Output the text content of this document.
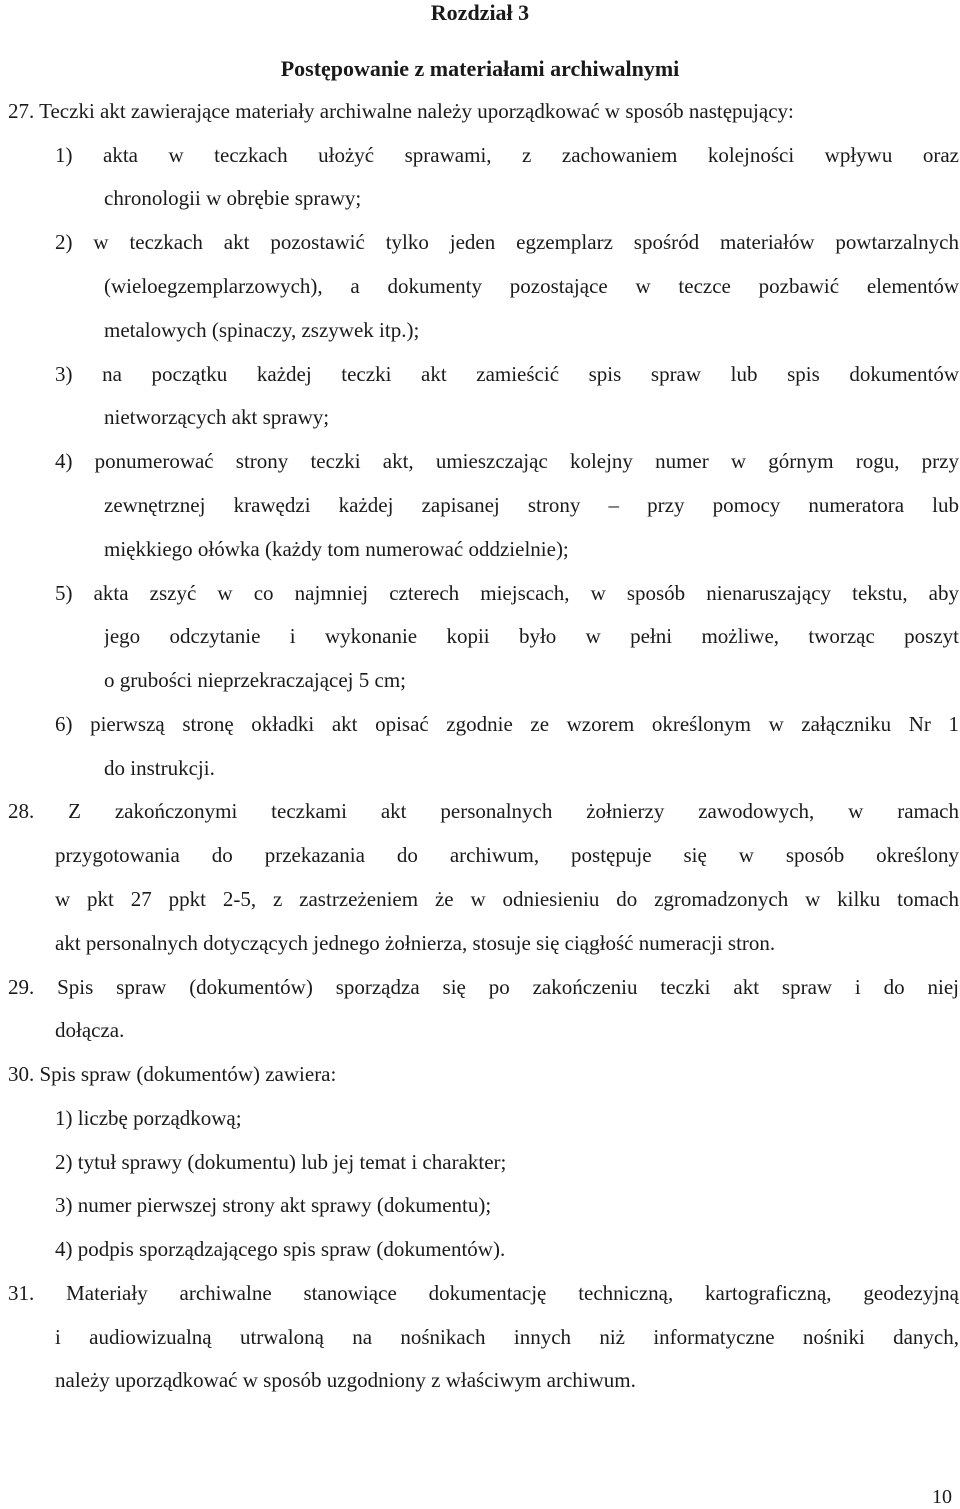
Rozdział 3
Postępowanie z materiałami archiwalnymi
27. Teczki akt zawierające materiały archiwalne należy uporządkować w sposób następujący:
1) akta w teczkach ułożyć sprawami, z zachowaniem kolejności wpływu oraz
chronologii w obrębie sprawy;
2) w teczkach akt pozostawić tylko jeden egzemplarz spośród materiałów powtarzalnych
(wieloegzemplarzowych), a dokumenty pozostające w teczce pozbawić elementów
metalowych (spinaczy, zszywek itp.);
3) na początku każdej teczki akt zamieścić spis spraw lub spis dokumentów
nietworzących akt sprawy;
4) ponumerować strony teczki akt, umieszczając kolejny numer w górnym rogu, przy
zewnętrznej krawędzi każdej zapisanej strony – przy pomocy numeratora lub
miękkiego ołówka (każdy tom numerować oddzielnie);
5) akta zszyć w co najmniej czterech miejscach, w sposób nienaruszający tekstu, aby
jego odczytanie i wykonanie kopii było w pełni możliwe, tworząc poszyt
o grubości nieprzekraczającej 5 cm;
6) pierwszą stronę okładki akt opisać zgodnie ze wzorem określonym w załączniku Nr 1
do instrukcji.
28. Z zakończonymi teczkami akt personalnych żołnierzy zawodowych, w ramach
przygotowania do przekazania do archiwum, postępuje się w sposób określony
w pkt 27 ppkt 2-5, z zastrzeżeniem że w odniesieniu do zgromadzonych w kilku tomach
akt personalnych dotyczących jednego żołnierza, stosuje się ciągłość numeracji stron.
29. Spis spraw (dokumentów) sporządza się po zakończeniu teczki akt spraw i do niej
dołącza.
30. Spis spraw (dokumentów) zawiera:
1) liczbę porządkową;
2) tytuł sprawy (dokumentu) lub jej temat i charakter;
3) numer pierwszej strony akt sprawy (dokumentu);
4) podpis sporządzającego spis spraw (dokumentów).
31. Materiały archiwalne stanowiące dokumentację techniczną, kartograficzną, geodezyjną
i audiowizualną utrwaloną na nośnikach innych niż informatyczne nośniki danych,
należy uporządkować w sposób uzgodniony z właściwym archiwum.
10
